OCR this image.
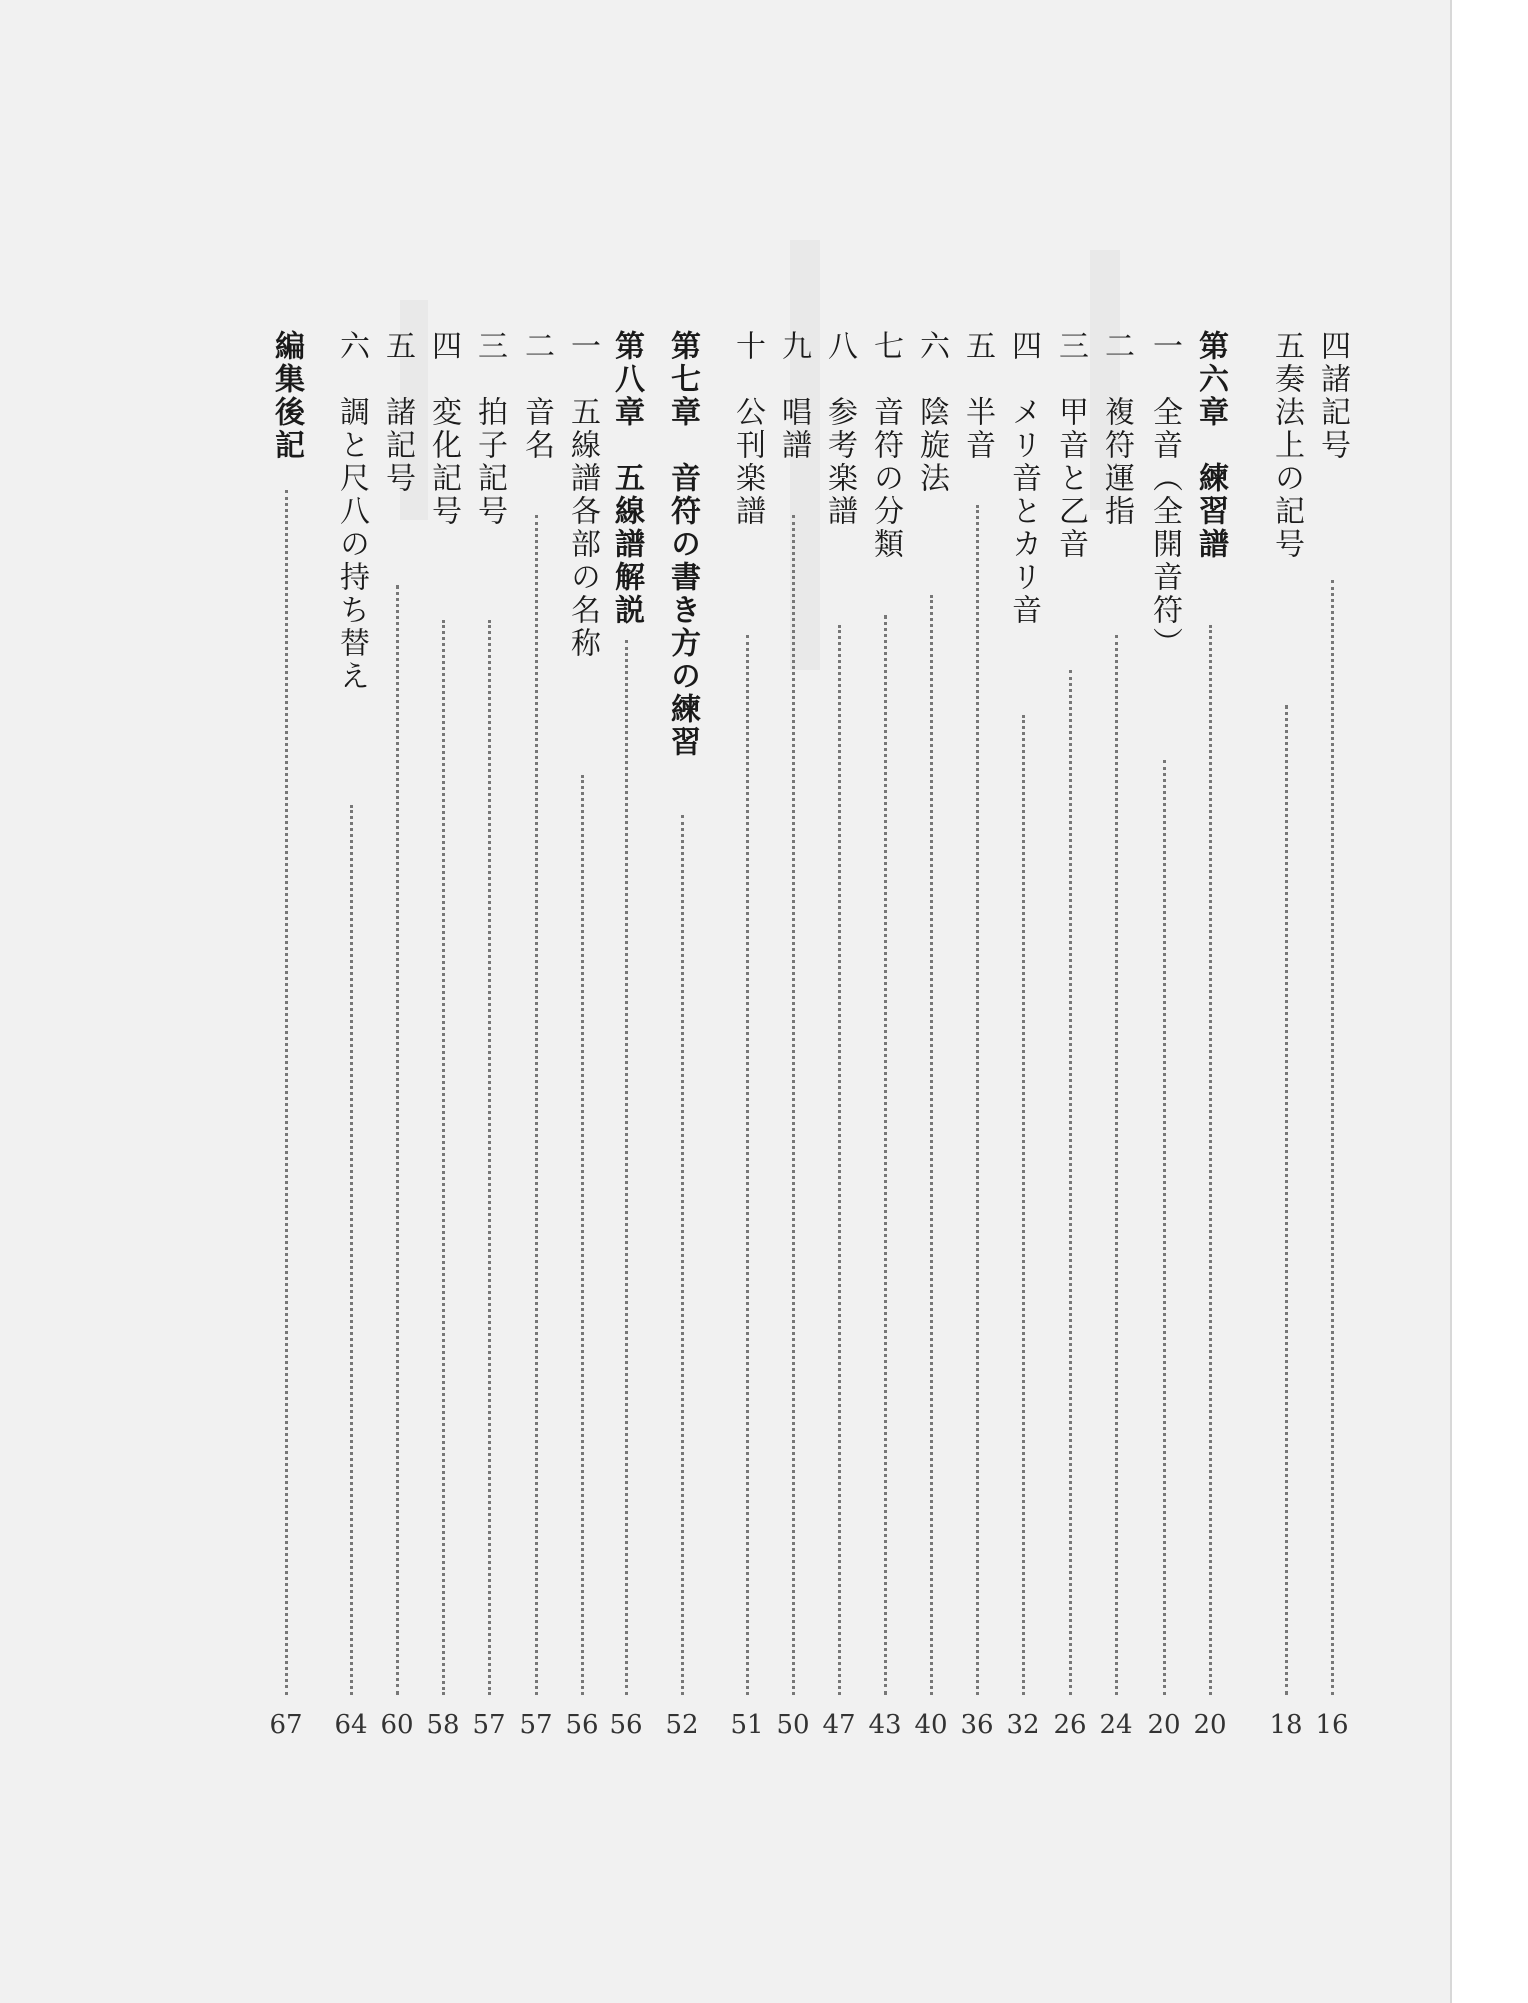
四諸記号
16
五奏法上の記号
18
第六章　練習譜
20
一　全音（全開音符）
20
二　複符運指
24
三　甲音と乙音
26
四　メリ音とカリ音
32
五　半音
36
六　陰旋法
40
七　音符の分類
43
八　参考楽譜
47
九　唱譜
50
十　公刊楽譜
51
第七章　音符の書き方の練習
52
第八章　五線譜解説
56
一　五線譜各部の名称
56
二　音名
57
三　拍子記号
57
四　変化記号
58
五　諸記号
60
六　調と尺八の持ち替え
64
編集後記
67
